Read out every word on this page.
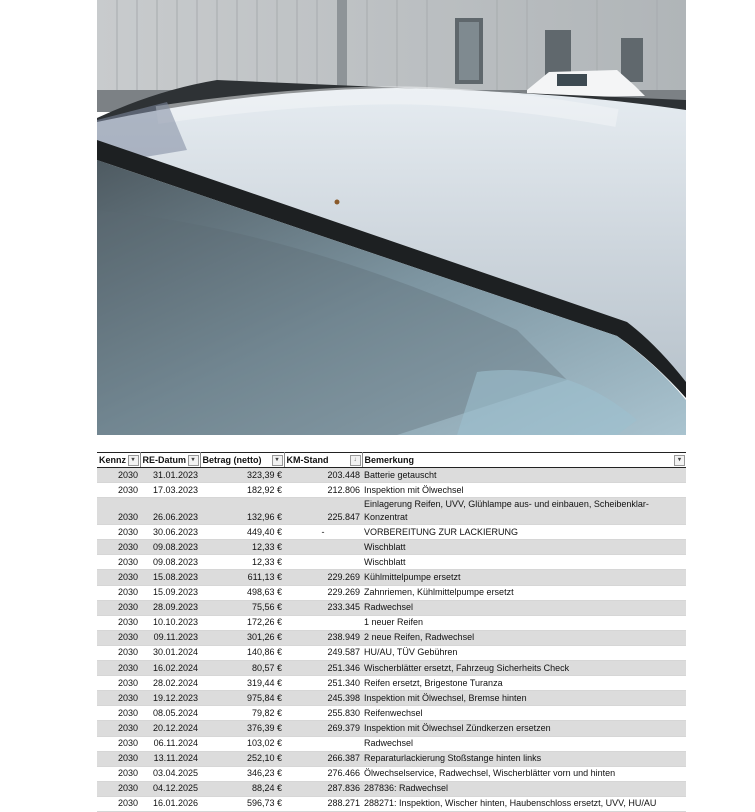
Kennz ▾	RE-Datum ▾	Betrag (netto) ▾	KM-Stand ↓	Bemerkung ▾

2030	31.01.2023	323,39 €	203.448	Batterie getauscht
2030	17.03.2023	182,92 €	212.806	Inspektion mit Ölwechsel
2030	26.06.2023	132,96 €	225.847	Einlagerung Reifen, UVV, Glühlampe aus- und einbauen, Scheibenklar-Konzentrat
2030	30.06.2023	449,40 €	-	VORBEREITUNG ZUR LACKIERUNG
2030	09.08.2023	12,33 €		Wischblatt
2030	09.08.2023	12,33 €		Wischblatt
2030	15.08.2023	611,13 €	229.269	Kühlmittelpumpe ersetzt
2030	15.09.2023	498,63 €	229.269	Zahnriemen, Kühlmittelpumpe ersetzt
2030	28.09.2023	75,56 €	233.345	Radwechsel
2030	10.10.2023	172,26 €		1 neuer Reifen
2030	09.11.2023	301,26 €	238.949	2 neue Reifen, Radwechsel
2030	30.01.2024	140,86 €	249.587	HU/AU, TÜV Gebühren
2030	16.02.2024	80,57 €	251.346	Wischerblätter ersetzt, Fahrzeug Sicherheits Check
2030	28.02.2024	319,44 €	251.340	Reifen ersetzt, Brigestone Turanza
2030	19.12.2023	975,84 €	245.398	Inspektion mit Ölwechsel, Bremse hinten
2030	08.05.2024	79,82 €	255.830	Reifenwechsel
2030	20.12.2024	376,39 €	269.379	Inspektion mit Ölwechsel Zündkerzen ersetzen
2030	06.11.2024	103,02 €		Radwechsel
2030	13.11.2024	252,10 €	266.387	Reparaturlackierung Stoßstange hinten links
2030	03.04.2025	346,23 €	276.466	Ölwechselservice, Radwechsel, Wischerblätter vorn und hinten
2030	04.12.2025	88,24 €	287.836	287836: Radwechsel
2030	16.01.2026	596,73 €	288.271	288271: Inspektion, Wischer hinten, Haubenschloss ersetzt, UVV, HU/AU
